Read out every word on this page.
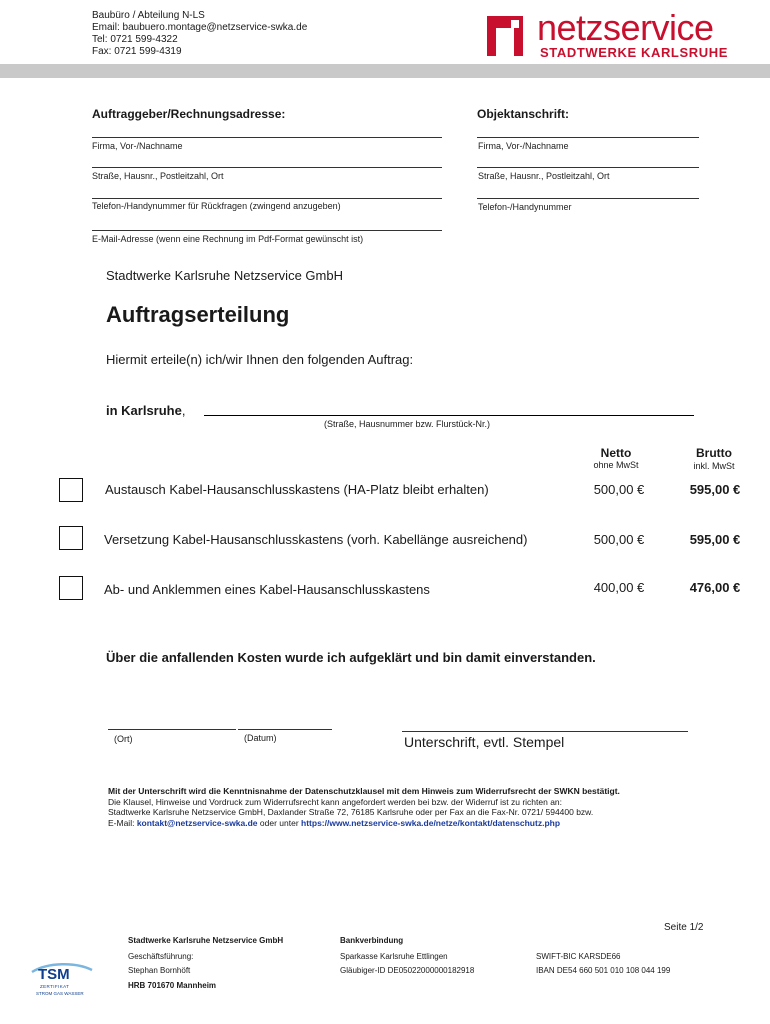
Baubüro / Abteilung N-LS
Email: baubuero.montage@netzservice-swka.de
Tel: 0721 599-4322
Fax: 0721 599-4319
netzservice
STADTWERKE KARLSRUHE
Auftraggeber/Rechnungsadresse:	Objektanschrift:
Firma, Vor-/Nachname
Straße, Hausnr., Postleitzahl, Ort
Telefon-/Handynummer für Rückfragen (zwingend anzugeben)
E-Mail-Adresse (wenn eine Rechnung im Pdf-Format gewünscht ist)
Firma, Vor-/Nachname
Straße, Hausnr., Postleitzahl, Ort
Telefon-/Handynummer
Stadtwerke Karlsruhe Netzservice GmbH
Auftragserteilung
Hiermit erteile(n) ich/wir Ihnen den folgenden Auftrag:
in Karlsruhe,
(Straße, Hausnummer bzw. Flurstück-Nr.)
Netto
ohne MwSt
Brutto
inkl. MwSt
Austausch Kabel-Hausanschlusskastens (HA-Platz bleibt erhalten)	500,00 €	595,00 €
Versetzung Kabel-Hausanschlusskastens (vorh. Kabellänge ausreichend)	500,00 €	595,00 €
Ab- und Anklemmen eines Kabel-Hausanschlusskastens	400,00 €	476,00 €
Über die anfallenden Kosten wurde ich aufgeklärt und bin damit einverstanden.
(Ort)	(Datum)	Unterschrift, evtl. Stempel
Mit der Unterschrift wird die Kenntnisnahme der Datenschutzklausel mit dem Hinweis zum Widerrufsrecht der SWKN bestätigt.
Die Klausel, Hinweise und Vordruck zum Widerrufsrecht kann angefordert werden bei bzw. der Widerruf ist zu richten an:
Stadtwerke Karlsruhe Netzservice GmbH, Daxlander Straße 72, 76185 Karlsruhe oder per Fax an die Fax-Nr. 0721/ 594400 bzw.
E-Mail: kontakt@netzservice-swka.de oder unter https://www.netzservice-swka.de/netze/kontakt/datenschutz.php
Seite 1/2
Stadtwerke Karlsruhe Netzservice GmbH
Geschäftsführung:
Stephan Bornhöft
HRB 701670 Mannheim
Bankverbindung
Sparkasse Karlsruhe Ettlingen
Gläubiger-ID DE05022000000182918
SWIFT-BIC KARSDE66
IBAN DE54 660 501 010 108 044 199
TSM
ZERTIFIKAT
STROM GAS WASSER
